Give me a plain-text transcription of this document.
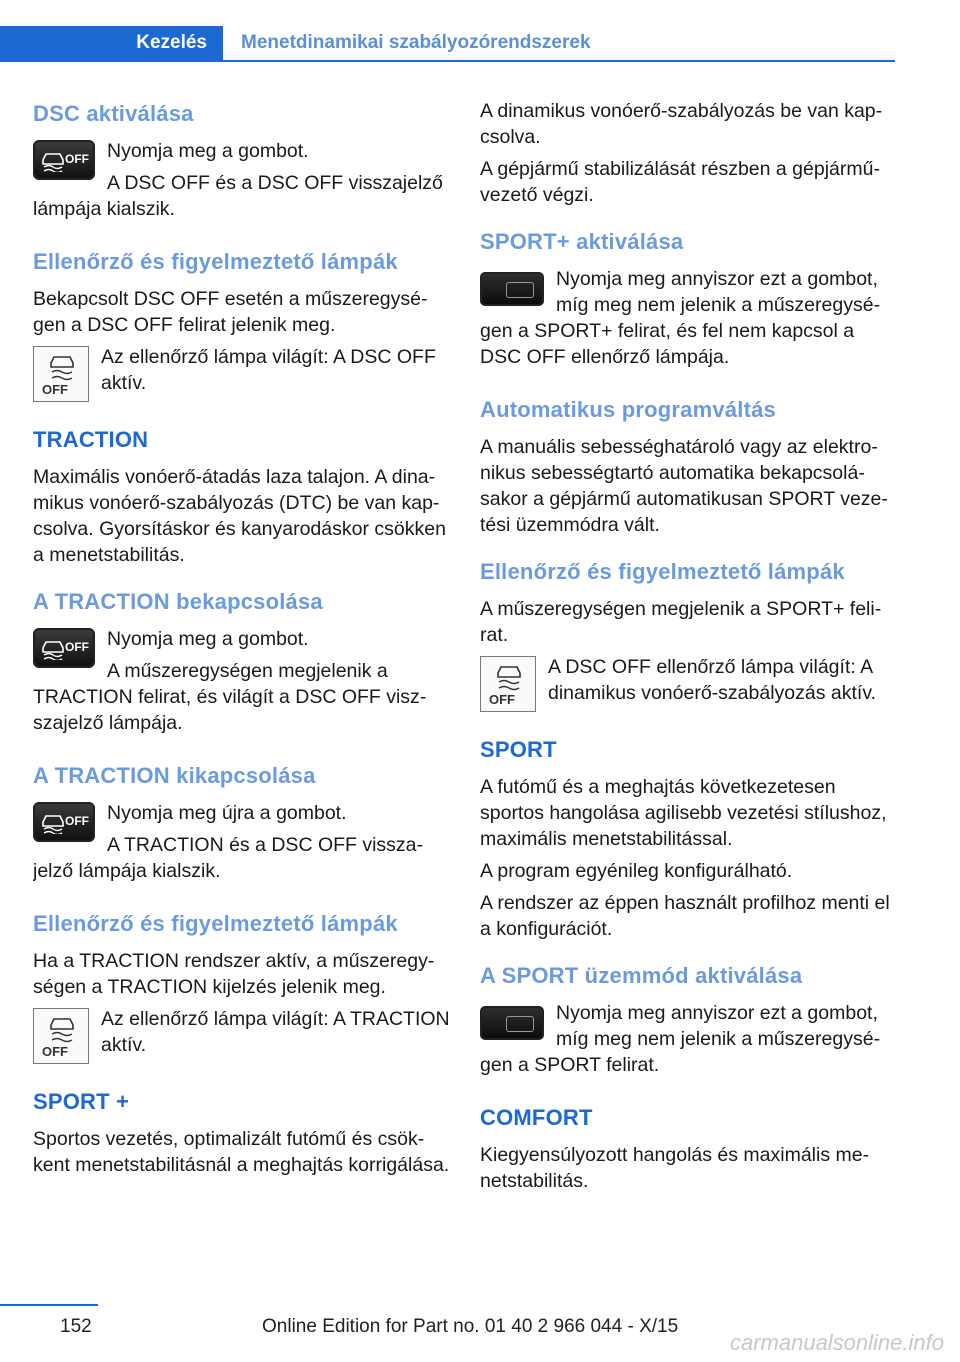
Kezelés Menetdinamikai szabályozórendszerek
DSC aktiválása
OFF Nyomja meg a gombot.

A DSC OFF és a DSC OFF visszajelző lámpája kialszik.

Ellenőrző és figyelmeztető lámpák

Bekapcsolt DSC OFF esetén a műszeregységen a DSC OFF felirat jelenik meg.

OFF

Az ellenőrző lámpa világít: A DSC OFF aktív.

TRACTION

Maximális vonóerő-átadás laza talajon. A dinamikus vonóerő-szabályozás (DTC) be van kapcsolva. Gyorsításkor és kanyarodáskor csökken a menetstabilitás.

A TRACTION bekapcsolása
OFF Nyomja meg a gombot.

A műszeregységen megjelenik a TRACTION felirat, és világít a DSC OFF viszszajelző lámpája.

A TRACTION kikapcsolása
OFF Nyomja meg újra a gombot.

A TRACTION és a DSC OFF visszajelző lámpája kialszik.

Ellenőrző és figyelmeztető lámpák

Ha a TRACTION rendszer aktív, a műszeregységen a TRACTION kijelzés jelenik meg.

OFF

Az ellenőrző lámpa világít: A TRACTION aktív.

SPORT +

Sportos vezetés, optimalizált futómű és csökkent menetstabilitásnál a meghajtás korrigálása.

A dinamikus vonóerő-szabályozás be van kapcsolva.

A gépjármű stabilizálását részben a gépjárművezető végzi.

SPORT+ aktiválása

Nyomja meg annyiszor ezt a gombot, míg meg nem jelenik a műszeregységen a SPORT+ felirat, és fel nem kapcsol a DSC OFF ellenőrző lámpája.

Automatikus programváltás

A manuális sebességhatároló vagy az elektronikus sebességtartó automatika bekapcsolásakor a gépjármű automatikusan SPORT vezetési üzemmódra vált.

Ellenőrző és figyelmeztető lámpák

A műszeregységen megjelenik a SPORT+ felirat.

OFF

A DSC OFF ellenőrző lámpa világít: A dinamikus vonóerő-szabályozás aktív.

SPORT

A futómű és a meghajtás következetesen sportos hangolása agilisebb vezetési stílushoz, maximális menetstabilitással.

A program egyénileg konfigurálható.

A rendszer az éppen használt profilhoz menti el a konfigurációt.

A SPORT üzemmód aktiválása

Nyomja meg annyiszor ezt a gombot, míg meg nem jelenik a műszeregységen a SPORT felirat.

COMFORT

Kiegyensúlyozott hangolás és maximális menetstabilitás.

152	Online Edition for Part no. 01 40 2 966 044 - X/15
carmanualsonline.info
